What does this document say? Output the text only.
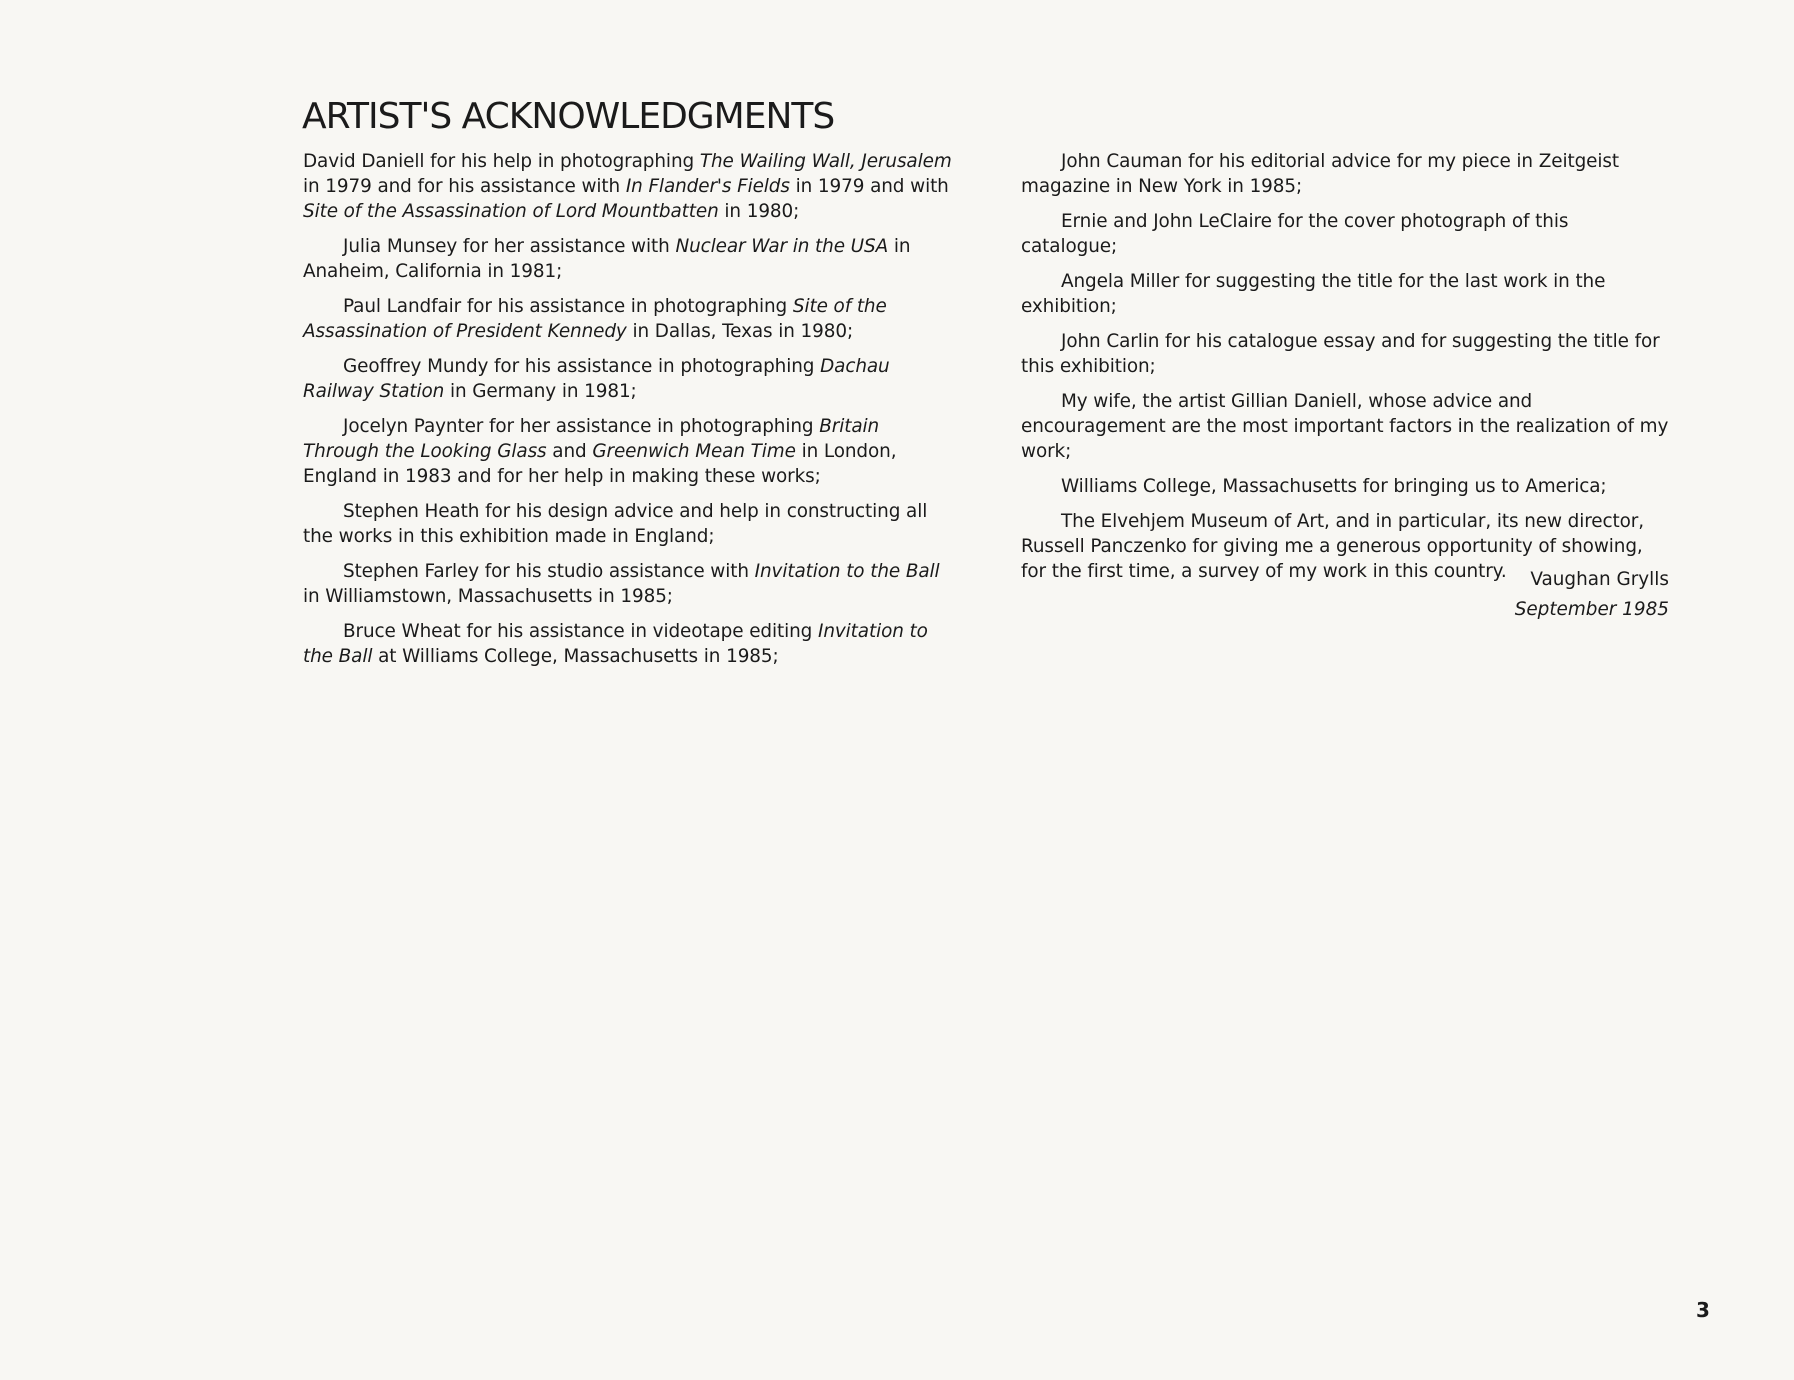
ARTIST'S ACKNOWLEDGMENTS

David Daniell for his help in photographing The Wailing Wall, Jerusalem in 1979 and for his assistance with In Flander's Fields in 1979 and with Site of the Assassination of Lord Mountbatten in 1980;

Julia Munsey for her assistance with Nuclear War in the USA in Anaheim, California in 1981;

Paul Landfair for his assistance in photographing Site of the Assassination of President Kennedy in Dallas, Texas in 1980;

Geoffrey Mundy for his assistance in photographing Dachau Railway Station in Germany in 1981;

Jocelyn Paynter for her assistance in photographing Britain Through the Looking Glass and Greenwich Mean Time in London, England in 1983 and for her help in making these works;

Stephen Heath for his design advice and help in constructing all the works in this exhibition made in England;

Stephen Farley for his studio assistance with Invitation to the Ball in Williamstown, Massachusetts in 1985;

Bruce Wheat for his assistance in videotape editing Invitation to the Ball at Williams College, Massachusetts in 1985;

John Cauman for his editorial advice for my piece in Zeitgeist magazine in New York in 1985;

Ernie and John LeClaire for the cover photograph of this catalogue;

Angela Miller for suggesting the title for the last work in the exhibition;

John Carlin for his catalogue essay and for suggesting the title for this exhibition;

My wife, the artist Gillian Daniell, whose advice and encouragement are the most important factors in the realization of my work;

Williams College, Massachusetts for bringing us to America;

The Elvehjem Museum of Art, and in particular, its new director, Russell Panczenko for giving me a generous opportunity of showing, for the first time, a survey of my work in this country.	Vaughan Grylls
September 1985
3
